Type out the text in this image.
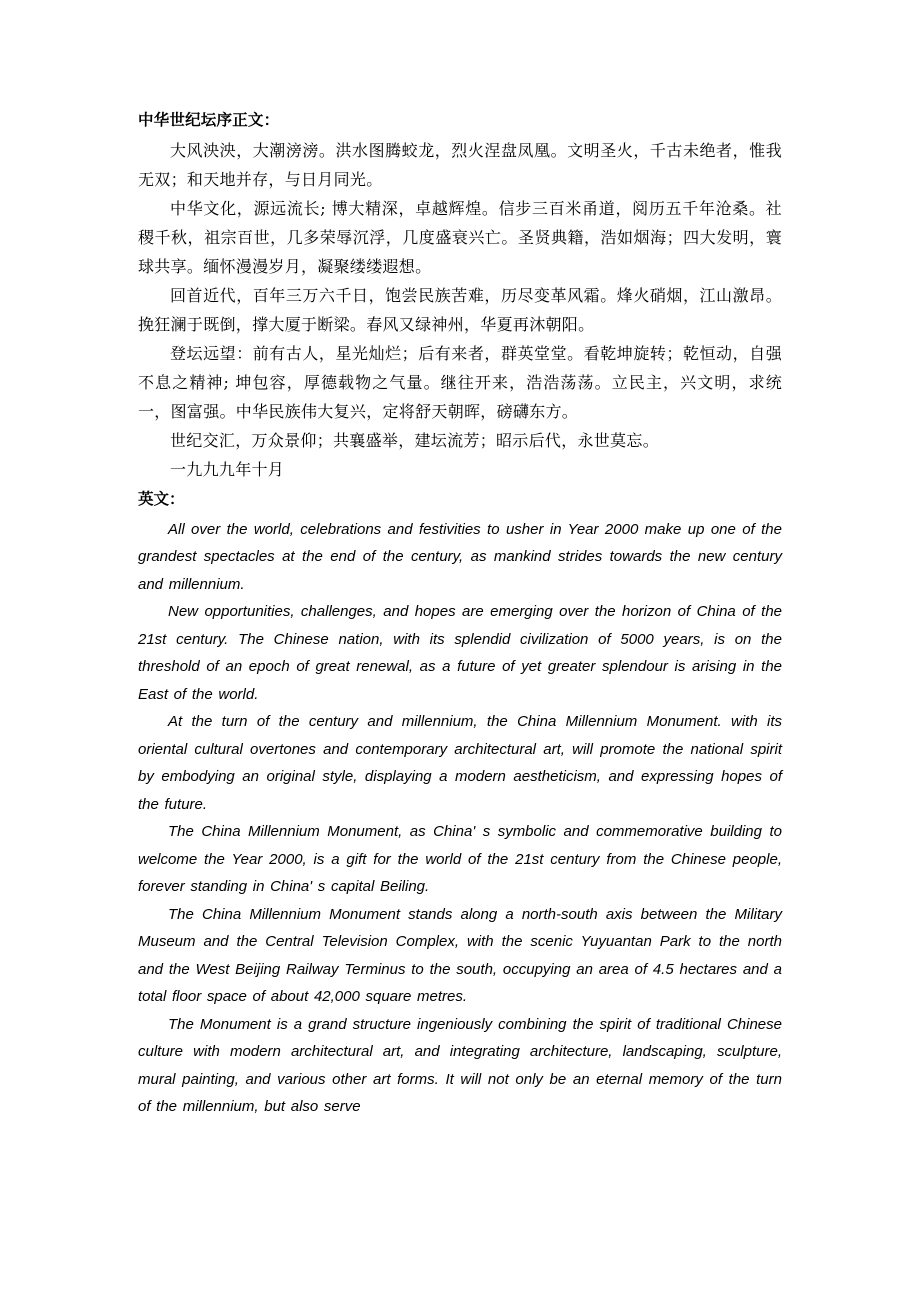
中华世纪坛序正文：

大风泱泱，大潮滂滂。洪水图腾蛟龙，烈火涅盘凤凰。文明圣火，千古未绝者，惟我无双；和天地并存，与日月同光。

中华文化，源远流长; 博大精深，卓越辉煌。信步三百米甬道，阅历五千年沧桑。社稷千秋，祖宗百世，几多荣辱沉浮，几度盛衰兴亡。圣贤典籍，浩如烟海；四大发明，寰球共享。缅怀漫漫岁月，凝聚缕缕遐想。

回首近代，百年三万六千日，饱尝民族苦难，历尽变革风霜。烽火硝烟，江山激昂。挽狂澜于既倒，撑大厦于断梁。春风又绿神州，华夏再沐朝阳。

登坛远望：前有古人，星光灿烂；后有来者，群英堂堂。看乾坤旋转；乾恒动，自强不息之精神; 坤包容，厚德载物之气量。继往开来，浩浩荡荡。立民主，兴文明，求统一，图富强。中华民族伟大复兴，定将舒天朝晖，磅礴东方。

世纪交汇，万众景仰；共襄盛举，建坛流芳；昭示后代，永世莫忘。

一九九九年十月

英文：

All over the world, celebrations and festivities to usher in Year 2000 make up one of the grandest spectacles at the end of the century, as mankind strides towards the new century and millennium.

New opportunities, challenges, and hopes are emerging over the horizon of China of the 21st century. The Chinese nation, with its splendid civilization of 5000 years, is on the threshold of an epoch of great renewal, as a future of yet greater splendour is arising in the East of the world.

At the turn of the century and millennium, the China Millennium Monument. with its oriental cultural overtones and contemporary architectural art, will promote the national spirit by embodying an original style, displaying a modern aestheticism, and expressing hopes of the future.

The China Millennium Monument, as China' s symbolic and commemorative building to welcome the Year 2000, is a gift for the world of the 21st century from the Chinese people, forever standing in China' s capital Beiling.

The China Millennium Monument stands along a north-south axis between the Military Museum and the Central Television Complex, with the scenic Yuyuantan Park to the north and the West Beijing Railway Terminus to the south, occupying an area of 4.5 hectares and a total floor space of about 42,000 square metres.

The Monument is a grand structure ingeniously combining the spirit of traditional Chinese culture with modern architectural art, and integrating architecture, landscaping, sculpture, mural painting, and various other art forms. It will not only be an eternal memory of the turn of the millennium, but also serve
